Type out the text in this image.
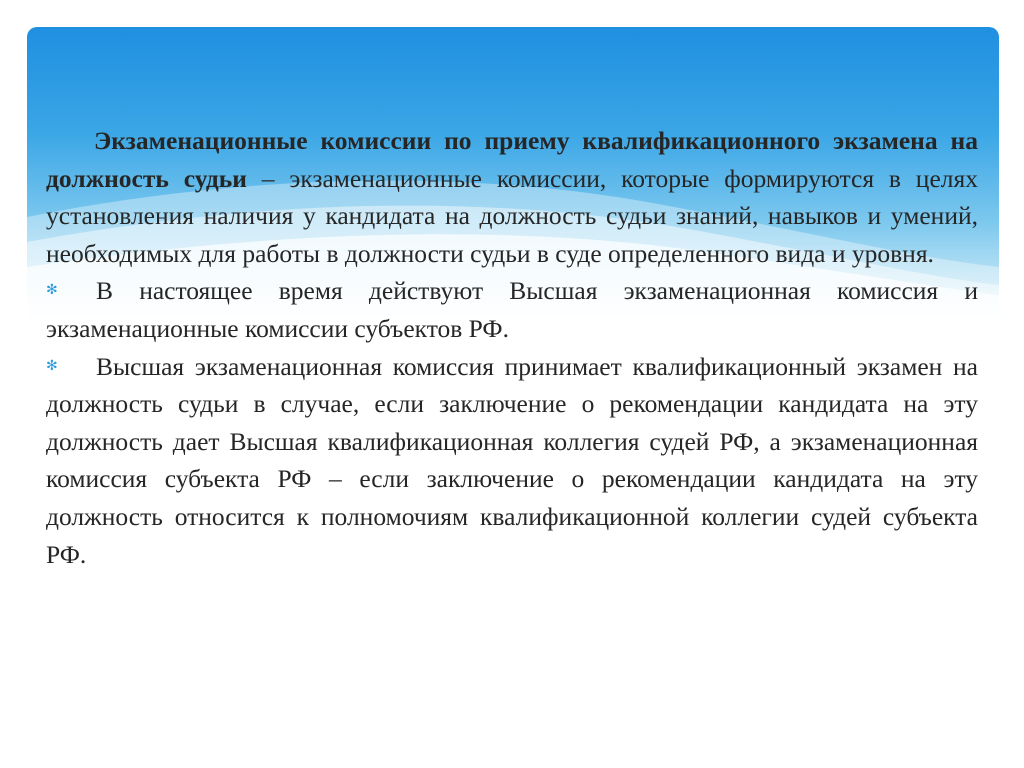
Экзаменационные комиссии по приему квалификационного экзамена на должность судьи – экзаменационные комиссии, которые формируются в целях установления наличия у кандидата на должность судьи знаний, навыков и умений, необходимых для работы в должности судьи в суде определенного вида и уровня.

✻	В настоящее время действуют Высшая экзаменационная комиссия и экзаменационные комиссии субъектов РФ.

✻	Высшая экзаменационная комиссия принимает квалификационный экзамен на должность судьи в случае, если заключение о рекомендации кандидата на эту должность дает Высшая квалификационная коллегия судей РФ, а экзаменационная комиссия субъекта РФ – если заключение о рекомендации кандидата на эту должность относится к полномочиям квалификационной коллегии судей субъекта РФ.
